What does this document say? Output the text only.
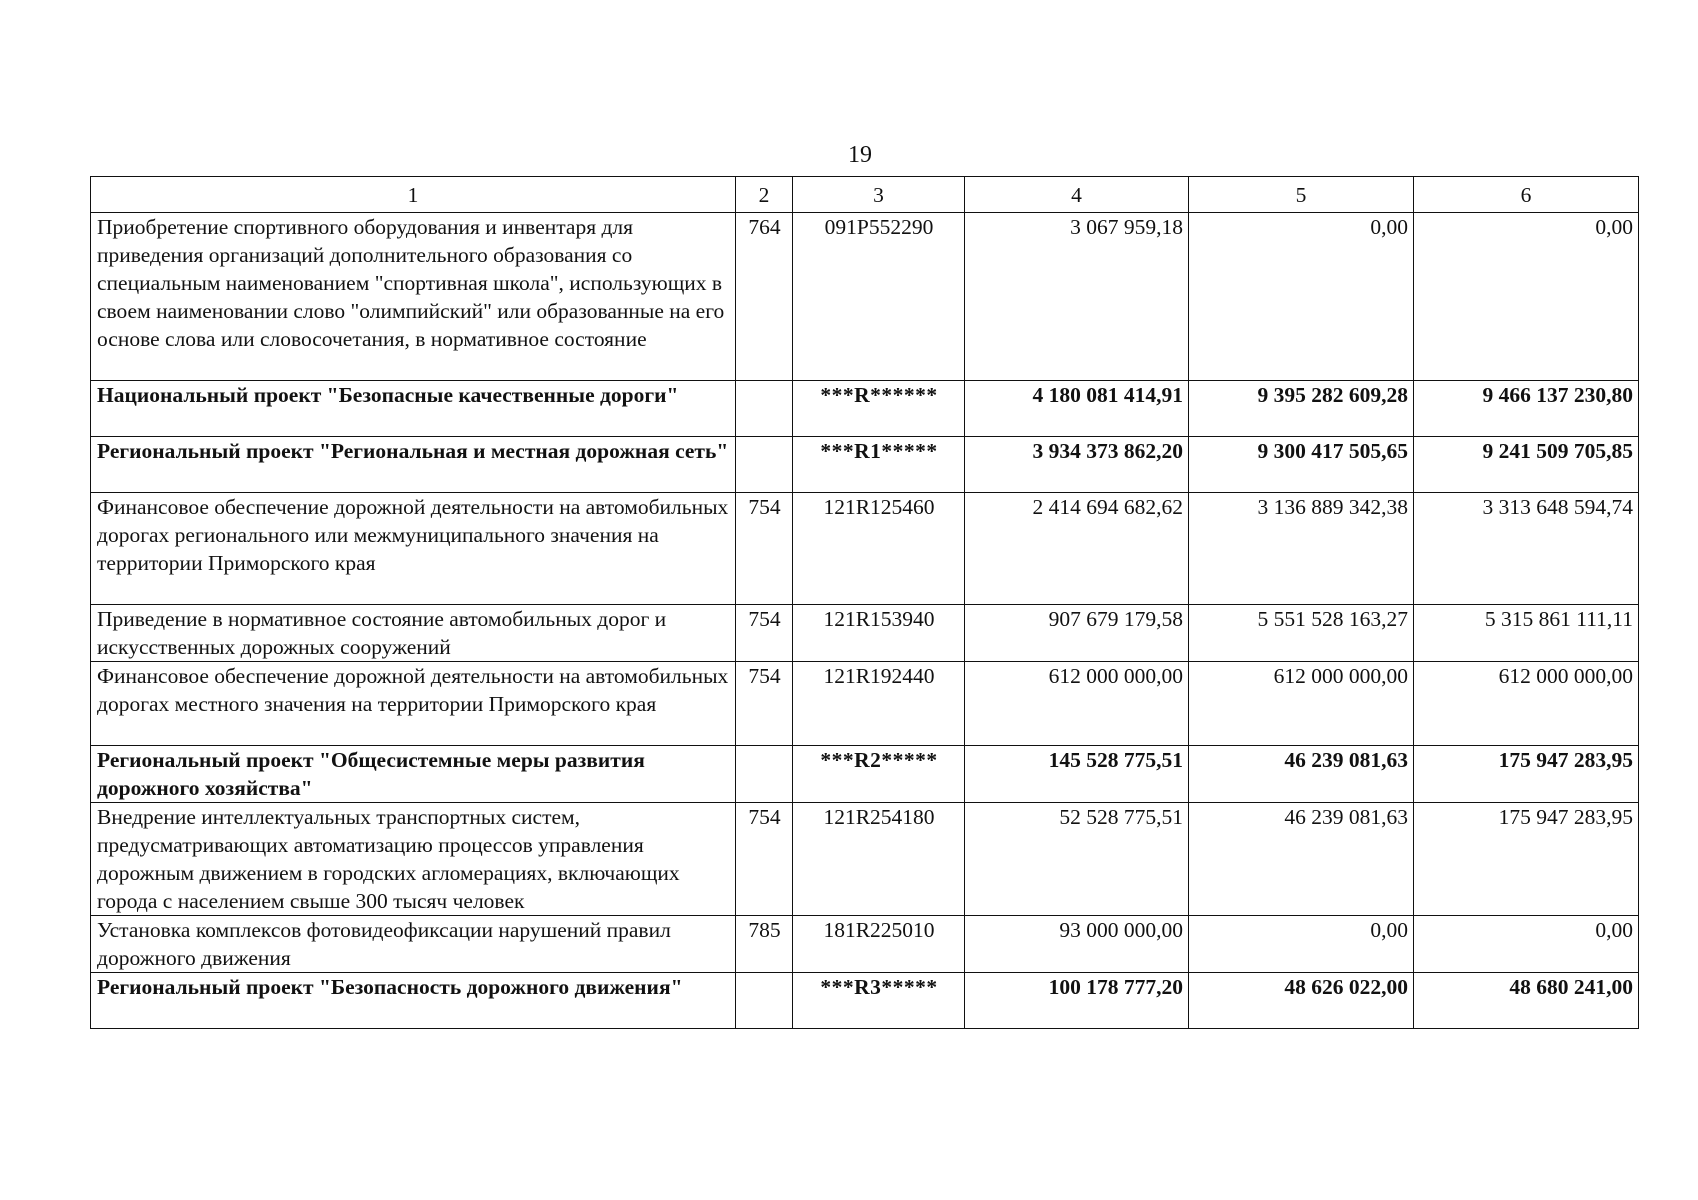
19
1	2	3	4	5	6
Приобретение спортивного оборудования и инвентаря для приведения организаций дополнительного образования со специальным наименованием "спортивная школа", использующих в своем наименовании слово "олимпийский" или образованные на его основе слова или словосочетания, в нормативное состояние	764	091P552290	3 067 959,18	0,00	0,00
Национальный проект "Безопасные качественные дороги"		***R******	4 180 081 414,91	9 395 282 609,28	9 466 137 230,80
Региональный проект "Региональная и местная дорожная сеть"		***R1*****	3 934 373 862,20	9 300 417 505,65	9 241 509 705,85
Финансовое обеспечение дорожной деятельности на автомобильных дорогах регионального или межмуниципального значения на территории Приморского края	754	121R125460	2 414 694 682,62	3 136 889 342,38	3 313 648 594,74
Приведение в нормативное состояние автомобильных дорог и искусственных дорожных сооружений	754	121R153940	907 679 179,58	5 551 528 163,27	5 315 861 111,11
Финансовое обеспечение дорожной деятельности на автомобильных дорогах местного значения на территории Приморского края	754	121R192440	612 000 000,00	612 000 000,00	612 000 000,00
Региональный проект "Общесистемные меры развития дорожного хозяйства"		***R2*****	145 528 775,51	46 239 081,63	175 947 283,95
Внедрение интеллектуальных транспортных систем, предусматривающих автоматизацию процессов управления дорожным движением в городских агломерациях, включающих города с населением свыше 300 тысяч человек	754	121R254180	52 528 775,51	46 239 081,63	175 947 283,95
Установка комплексов фотовидеофиксации нарушений правил дорожного движения	785	181R225010	93 000 000,00	0,00	0,00
Региональный проект "Безопасность дорожного движения"		***R3*****	100 178 777,20	48 626 022,00	48 680 241,00
